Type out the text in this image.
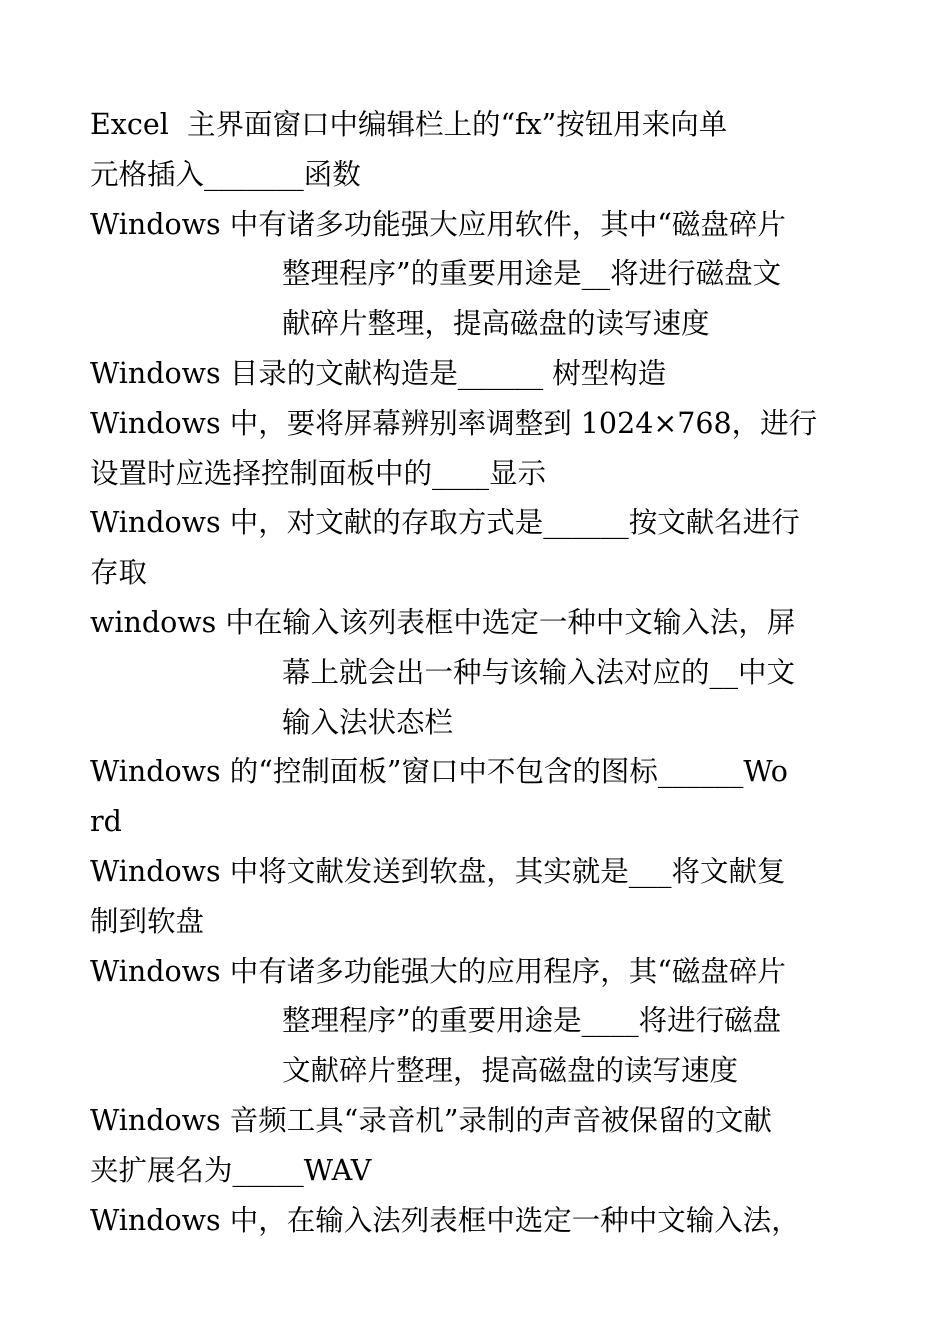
Excel  主界面窗口中编辑栏上的“fx”按钮用来向单
元格插入_______函数
Windows 中有诸多功能强大应用软件，其中“磁盘碎片
整理程序”的重要用途是__将进行磁盘文
献碎片整理，提高磁盘的读写速度
Windows 目录的文献构造是______ 树型构造
Windows 中，要将屏幕辨别率调整到 1024×768，进行
设置时应选择控制面板中的____显示
Windows 中，对文献的存取方式是______按文献名进行
存取
windows 中在输入该列表框中选定一种中文输入法，屏
幕上就会出一种与该输入法对应的__中文
输入法状态栏
Windows 的“控制面板”窗口中不包含的图标______Wo
rd
Windows 中将文献发送到软盘，其实就是___将文献复
制到软盘
Windows 中有诸多功能强大的应用程序，其“磁盘碎片
整理程序”的重要用途是____将进行磁盘
文献碎片整理，提高磁盘的读写速度
Windows 音频工具“录音机”录制的声音被保留的文献
夹扩展名为_____WAV
Windows 中，在输入法列表框中选定一种中文输入法，
